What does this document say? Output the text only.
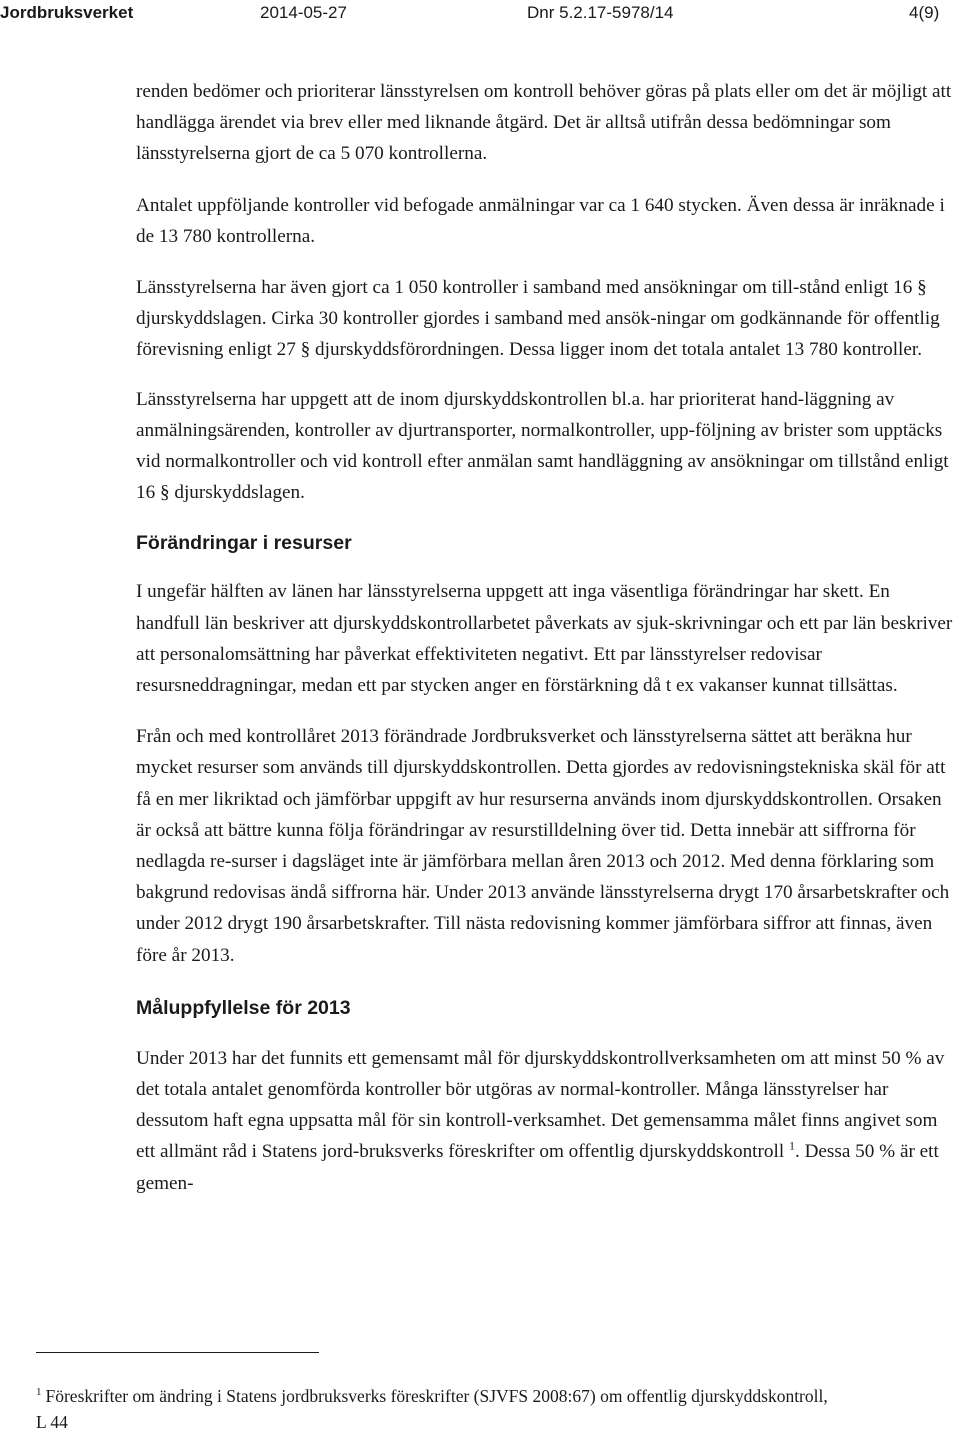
Jordbruksverket	2014-05-27	Dnr 5.2.17-5978/14	4(9)

renden bedömer och prioriterar länsstyrelsen om kontroll behöver göras på plats eller om det är möjligt att handlägga ärendet via brev eller med liknande åtgärd. Det är alltså utifrån dessa bedömningar som länsstyrelserna gjort de ca 5 070 kontrollerna.

Antalet uppföljande kontroller vid befogade anmälningar var ca 1 640 stycken. Även dessa är inräknade i de 13 780 kontrollerna.

Länsstyrelserna har även gjort ca 1 050 kontroller i samband med ansökningar om till-stånd enligt 16 § djurskyddslagen. Cirka 30 kontroller gjordes i samband med ansök-ningar om godkännande för offentlig förevisning enligt 27 § djurskyddsförordningen. Dessa ligger inom det totala antalet 13 780 kontroller.

Länsstyrelserna har uppgett att de inom djurskyddskontrollen bl.a. har prioriterat hand-läggning av anmälningsärenden, kontroller av djurtransporter, normalkontroller, upp-följning av brister som upptäcks vid normalkontroller och vid kontroll efter anmälan samt handläggning av ansökningar om tillstånd enligt 16 § djurskyddslagen.

Förändringar i resurser

I ungefär hälften av länen har länsstyrelserna uppgett att inga väsentliga förändringar har skett. En handfull län beskriver att djurskyddskontrollarbetet påverkats av sjuk-skrivningar och ett par län beskriver att personalomsättning har påverkat effektiviteten negativt. Ett par länsstyrelser redovisar resursneddragningar, medan ett par stycken anger en förstärkning då t ex vakanser kunnat tillsättas.

Från och med kontrollåret 2013 förändrade Jordbruksverket och länsstyrelserna sättet att beräkna hur mycket resurser som används till djurskyddskontrollen. Detta gjordes av redovisningstekniska skäl för att få en mer likriktad och jämförbar uppgift av hur resurserna används inom djurskyddskontrollen. Orsaken är också att bättre kunna följa förändringar av resurstilldelning över tid. Detta innebär att siffrorna för nedlagda re-surser i dagsläget inte är jämförbara mellan åren 2013 och 2012. Med denna förklaring som bakgrund redovisas ändå siffrorna här. Under 2013 använde länsstyrelserna drygt 170 årsarbetskrafter och under 2012 drygt 190 årsarbetskrafter. Till nästa redovisning kommer jämförbara siffror att finnas, även före år 2013.

Måluppfyllelse för 2013

Under 2013 har det funnits ett gemensamt mål för djurskyddskontrollverksamheten om att minst 50 % av det totala antalet genomförda kontroller bör utgöras av normal-kontroller. Många länsstyrelser har dessutom haft egna uppsatta mål för sin kontroll-verksamhet. Det gemensamma målet finns angivet som ett allmänt råd i Statens jord-bruksverks föreskrifter om offentlig djurskyddskontroll $^1$. Dessa 50 % är ett gemen-

$^1$ Föreskrifter om ändring i Statens jordbruksverks föreskrifter (SJVFS 2008:67) om offentlig djurskyddskontroll,
L 44
